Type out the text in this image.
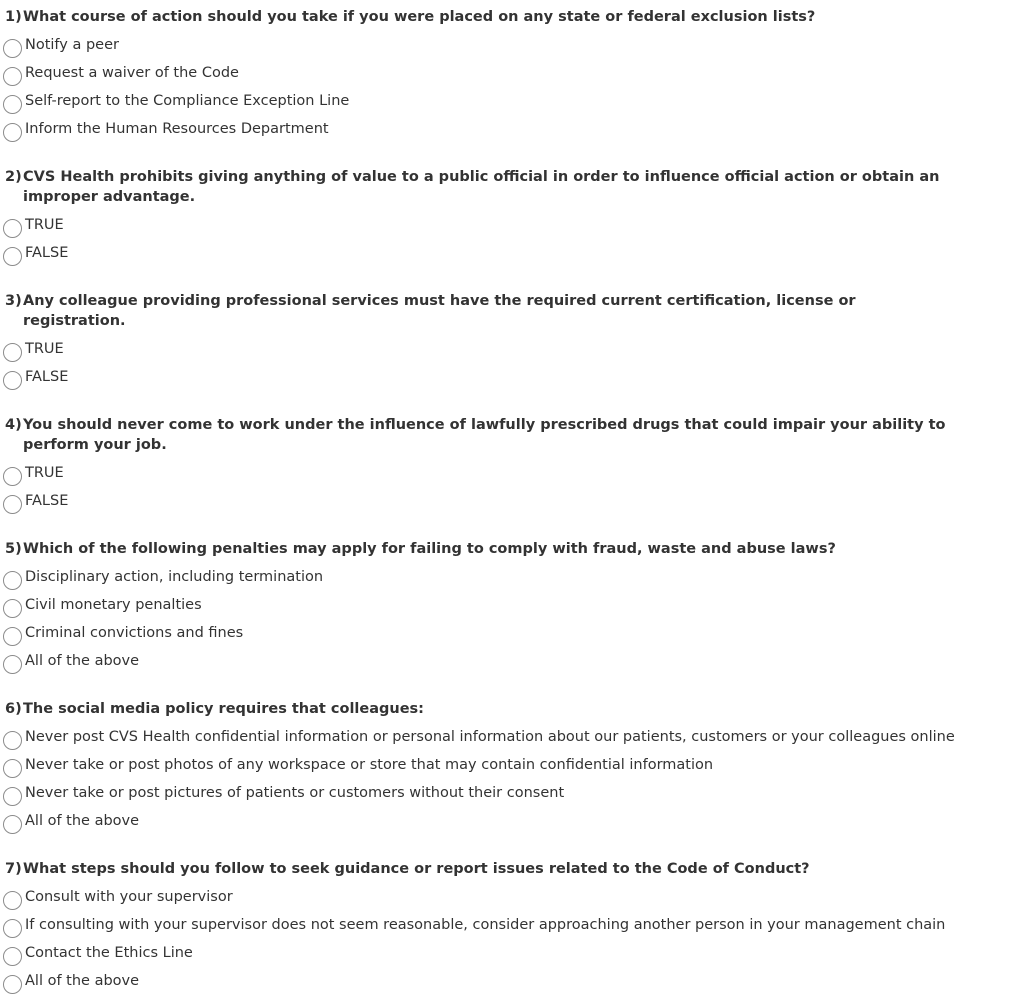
1) What course of action should you take if you were placed on any state or federal exclusion lists?
Notify a peer
Request a waiver of the Code
Self-report to the Compliance Exception Line
Inform the Human Resources Department
2) CVS Health prohibits giving anything of value to a public official in order to influence official action or obtain an improper advantage.
TRUE
FALSE
3) Any colleague providing professional services must have the required current certification, license or registration.
TRUE
FALSE
4) You should never come to work under the influence of lawfully prescribed drugs that could impair your ability to perform your job.
TRUE
FALSE
5) Which of the following penalties may apply for failing to comply with fraud, waste and abuse laws?
Disciplinary action, including termination
Civil monetary penalties
Criminal convictions and fines
All of the above
6) The social media policy requires that colleagues:
Never post CVS Health confidential information or personal information about our patients, customers or your colleagues online
Never take or post photos of any workspace or store that may contain confidential information
Never take or post pictures of patients or customers without their consent
All of the above
7) What steps should you follow to seek guidance or report issues related to the Code of Conduct?
Consult with your supervisor
If consulting with your supervisor does not seem reasonable, consider approaching another person in your management chain
Contact the Ethics Line
All of the above
